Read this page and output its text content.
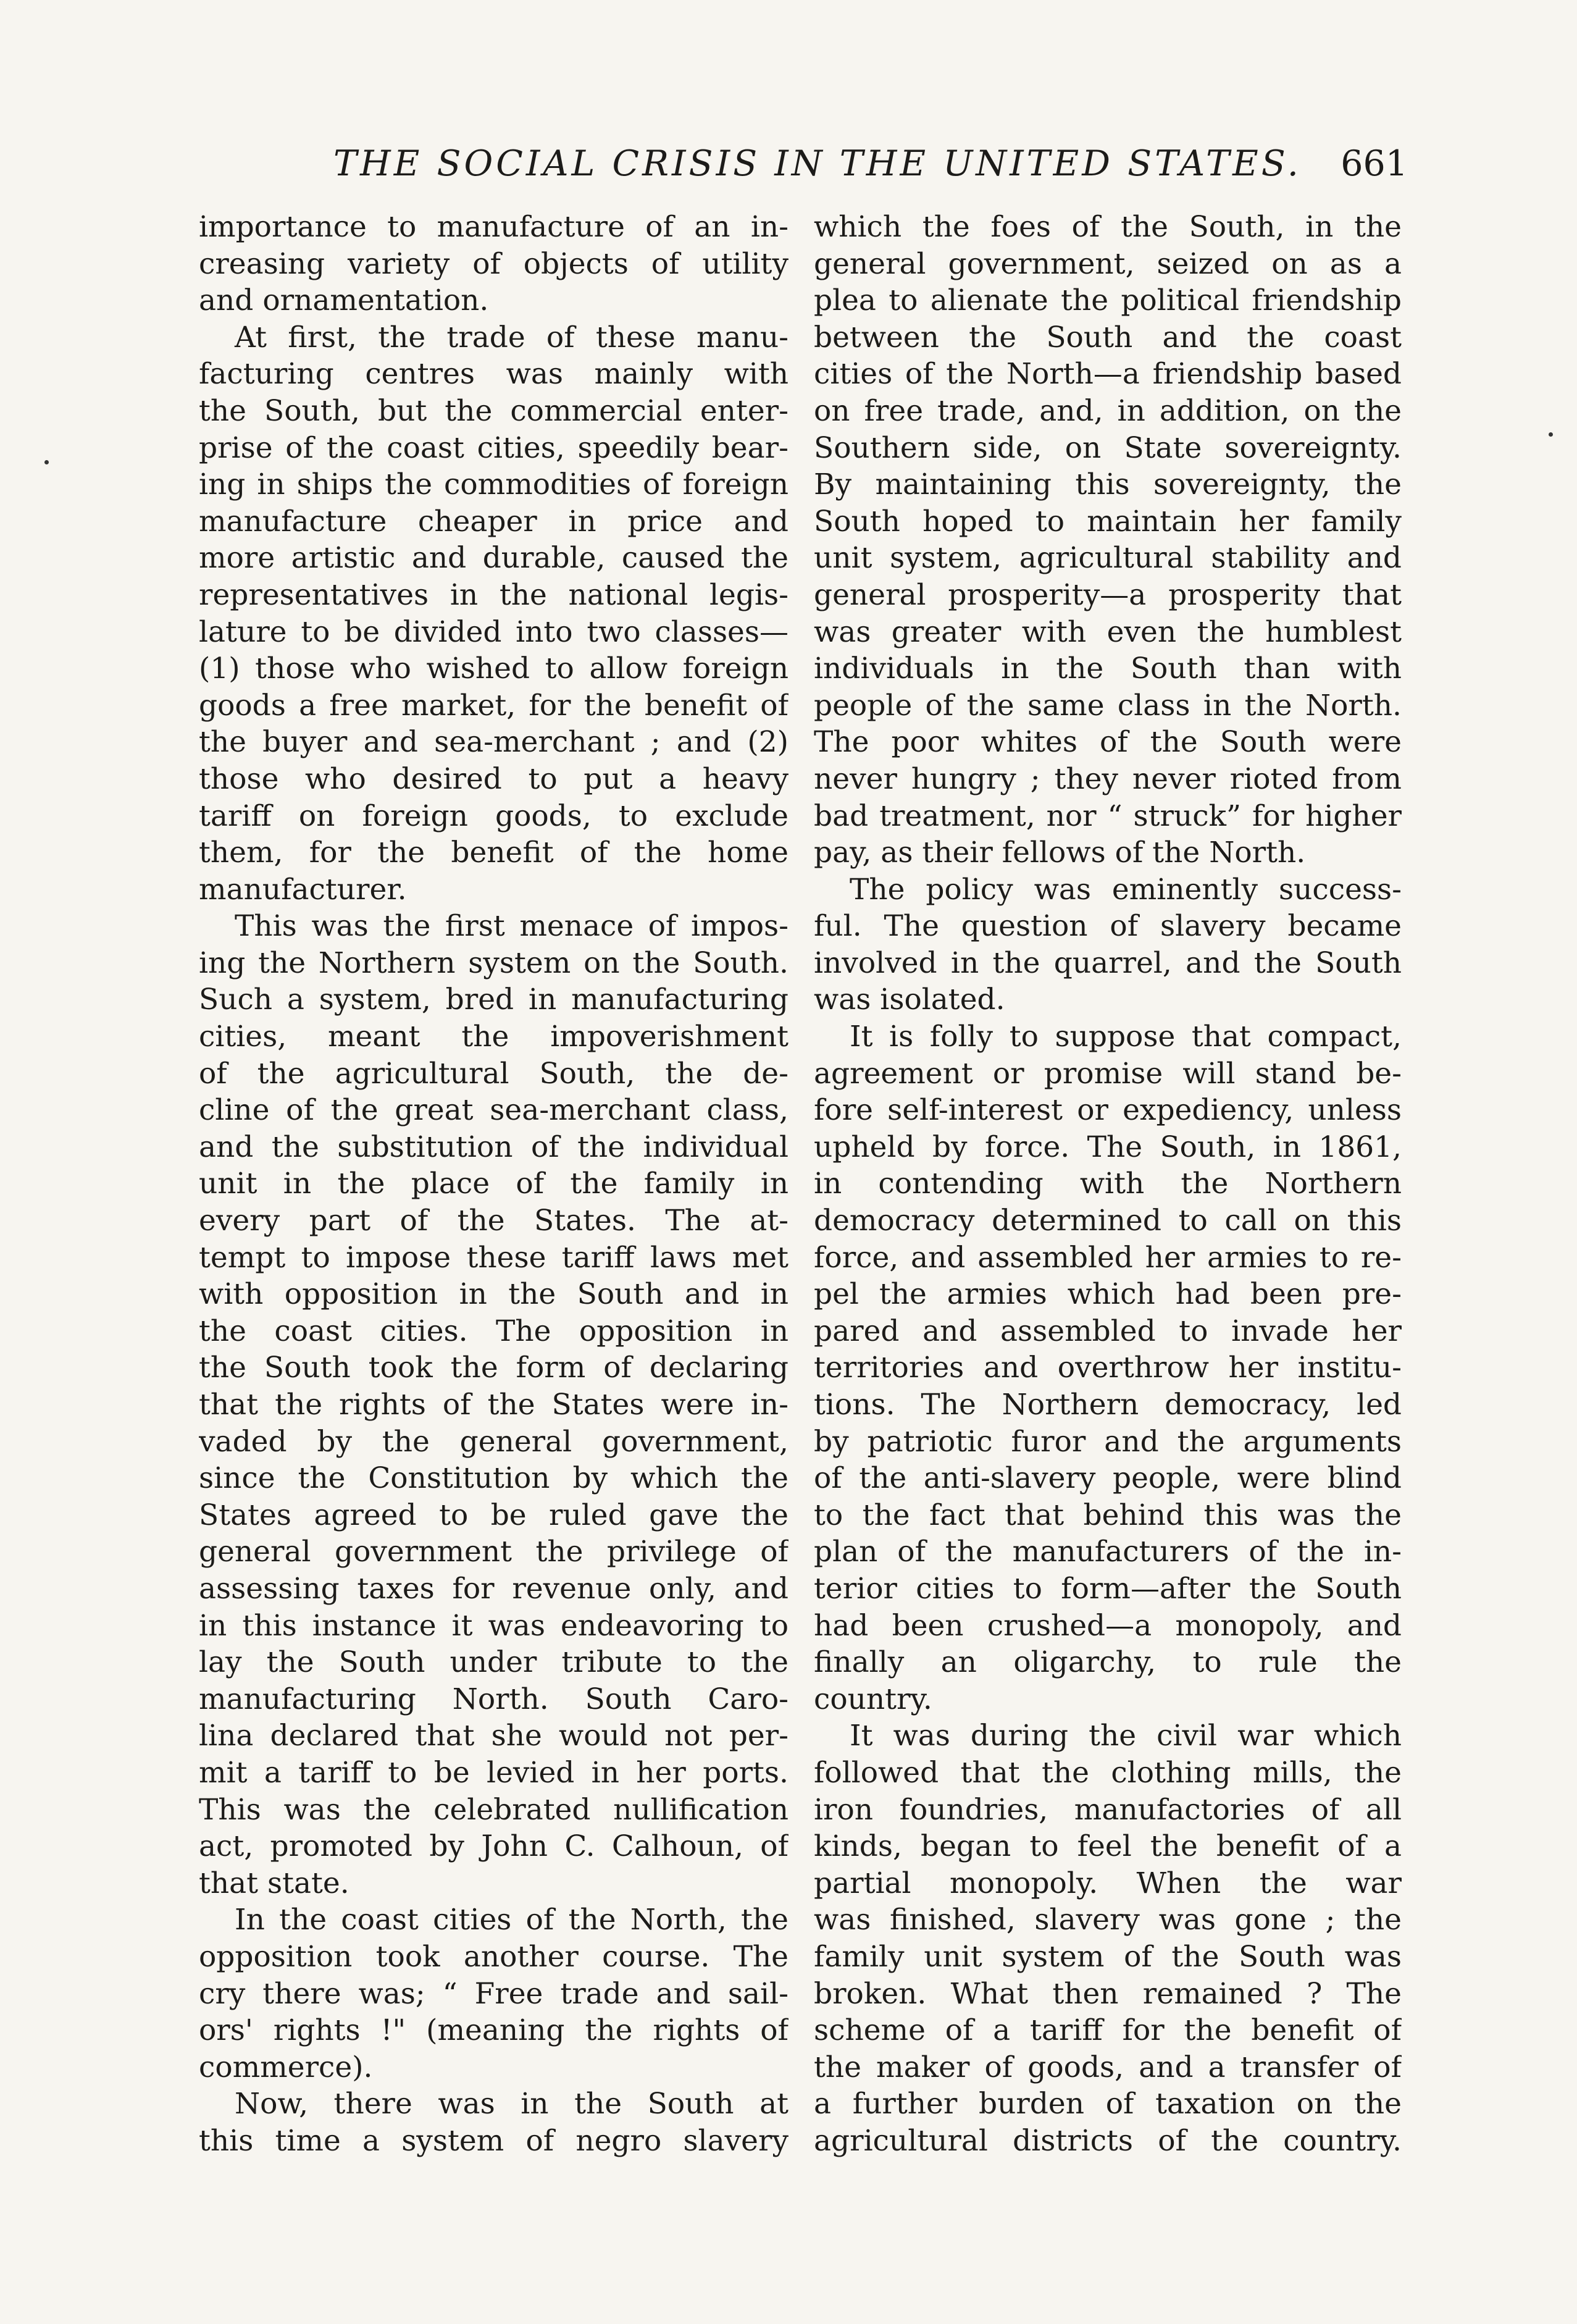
THE SOCIAL CRISIS IN THE UNITED STATES. 661
importance to manufacture of an in-
creasing variety of objects of utility
and ornamentation.
At first, the trade of these manu-
facturing centres was mainly with
the South, but the commercial enter-
prise of the coast cities, speedily bear-
ing in ships the commodities of foreign
manufacture cheaper in price and
more artistic and durable, caused the
representatives in the national legis-
lature to be divided into two classes—
(1) those who wished to allow foreign
goods a free market, for the benefit of
the buyer and sea-merchant ; and (2)
those who desired to put a heavy
tariff on foreign goods, to exclude
them, for the benefit of the home
manufacturer.
This was the first menace of impos-
ing the Northern system on the South.
Such a system, bred in manufacturing
cities, meant the impoverishment
of the agricultural South, the de-
cline of the great sea-merchant class,
and the substitution of the individual
unit in the place of the family in
every part of the States. The at-
tempt to impose these tariff laws met
with opposition in the South and in
the coast cities. The opposition in
the South took the form of declaring
that the rights of the States were in-
vaded by the general government,
since the Constitution by which the
States agreed to be ruled gave the
general government the privilege of
assessing taxes for revenue only, and
in this instance it was endeavoring to
lay the South under tribute to the
manufacturing North. South Caro-
lina declared that she would not per-
mit a tariff to be levied in her ports.
This was the celebrated nullification
act, promoted by John C. Calhoun, of
that state.
In the coast cities of the North, the
opposition took another course. The
cry there was; “ Free trade and sail-
ors' rights !" (meaning the rights of
commerce).
Now, there was in the South at
this time a system of negro slavery
which the foes of the South, in the
general government, seized on as a
plea to alienate the political friendship
between the South and the coast
cities of the North—a friendship based
on free trade, and, in addition, on the
Southern side, on State sovereignty.
By maintaining this sovereignty, the
South hoped to maintain her family
unit system, agricultural stability and
general prosperity—a prosperity that
was greater with even the humblest
individuals in the South than with
people of the same class in the North.
The poor whites of the South were
never hungry ; they never rioted from
bad treatment, nor “ struck” for higher
pay, as their fellows of the North.
The policy was eminently success-
ful. The question of slavery became
involved in the quarrel, and the South
was isolated.
It is folly to suppose that compact,
agreement or promise will stand be-
fore self-interest or expediency, unless
upheld by force. The South, in 1861,
in contending with the Northern
democracy determined to call on this
force, and assembled her armies to re-
pel the armies which had been pre-
pared and assembled to invade her
territories and overthrow her institu-
tions. The Northern democracy, led
by patriotic furor and the arguments
of the anti-slavery people, were blind
to the fact that behind this was the
plan of the manufacturers of the in-
terior cities to form—after the South
had been crushed—a monopoly, and
finally an oligarchy, to rule the
country.
It was during the civil war which
followed that the clothing mills, the
iron foundries, manufactories of all
kinds, began to feel the benefit of a
partial monopoly. When the war
was finished, slavery was gone ; the
family unit system of the South was
broken. What then remained ? The
scheme of a tariff for the benefit of
the maker of goods, and a transfer of
a further burden of taxation on the
agricultural districts of the country.
